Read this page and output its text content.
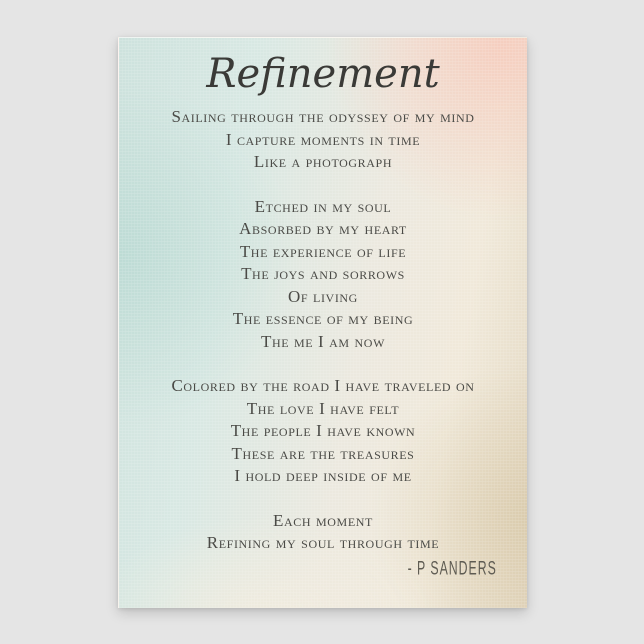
Refinement

Sailing through the odyssey of my mind

I capture moments in time

Like a photograph

Etched in my soul

Absorbed by my heart

The experience of life

The joys and sorrows

Of living

The essence of my being

The me I am now

Colored by the road I have traveled on

The love I have felt

The people I have known

These are the treasures

I hold deep inside of me

Each moment

Refining my soul through time

- P SANDERS
